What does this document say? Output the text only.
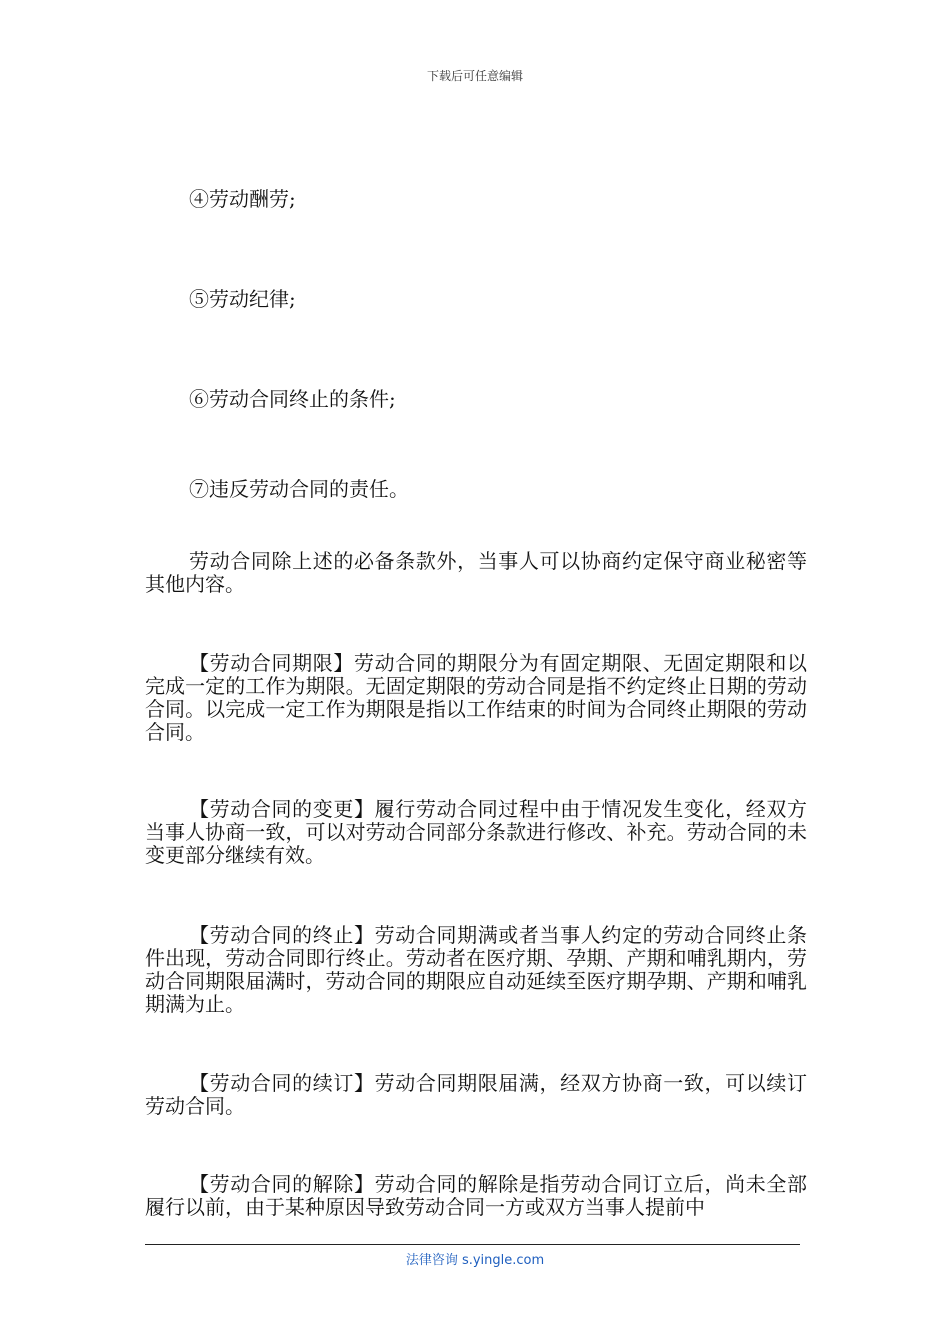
下载后可任意编辑
④劳动酬劳;
⑤劳动纪律;
⑥劳动合同终止的条件;
⑦违反劳动合同的责任。

劳动合同除上述的必备条款外，当事人可以协商约定保守商业秘密等其他内容。

【劳动合同期限】劳动合同的期限分为有固定期限、无固定期限和以完成一定的工作为期限。无固定期限的劳动合同是指不约定终止日期的劳动合同。以完成一定工作为期限是指以工作结束的时间为合同终止期限的劳动合同。

【劳动合同的变更】履行劳动合同过程中由于情况发生变化，经双方当事人协商一致，可以对劳动合同部分条款进行修改、补充。劳动合同的未变更部分继续有效。

【劳动合同的终止】劳动合同期满或者当事人约定的劳动合同终止条件出现，劳动合同即行终止。劳动者在医疗期、孕期、产期和哺乳期内，劳动合同期限届满时，劳动合同的期限应自动延续至医疗期孕期、产期和哺乳期满为止。

【劳动合同的续订】劳动合同期限届满，经双方协商一致，可以续订劳动合同。

【劳动合同的解除】劳动合同的解除是指劳动合同订立后，尚未全部履行以前，由于某种原因导致劳动合同一方或双方当事人提前中

法律咨询 s.yingle.com
